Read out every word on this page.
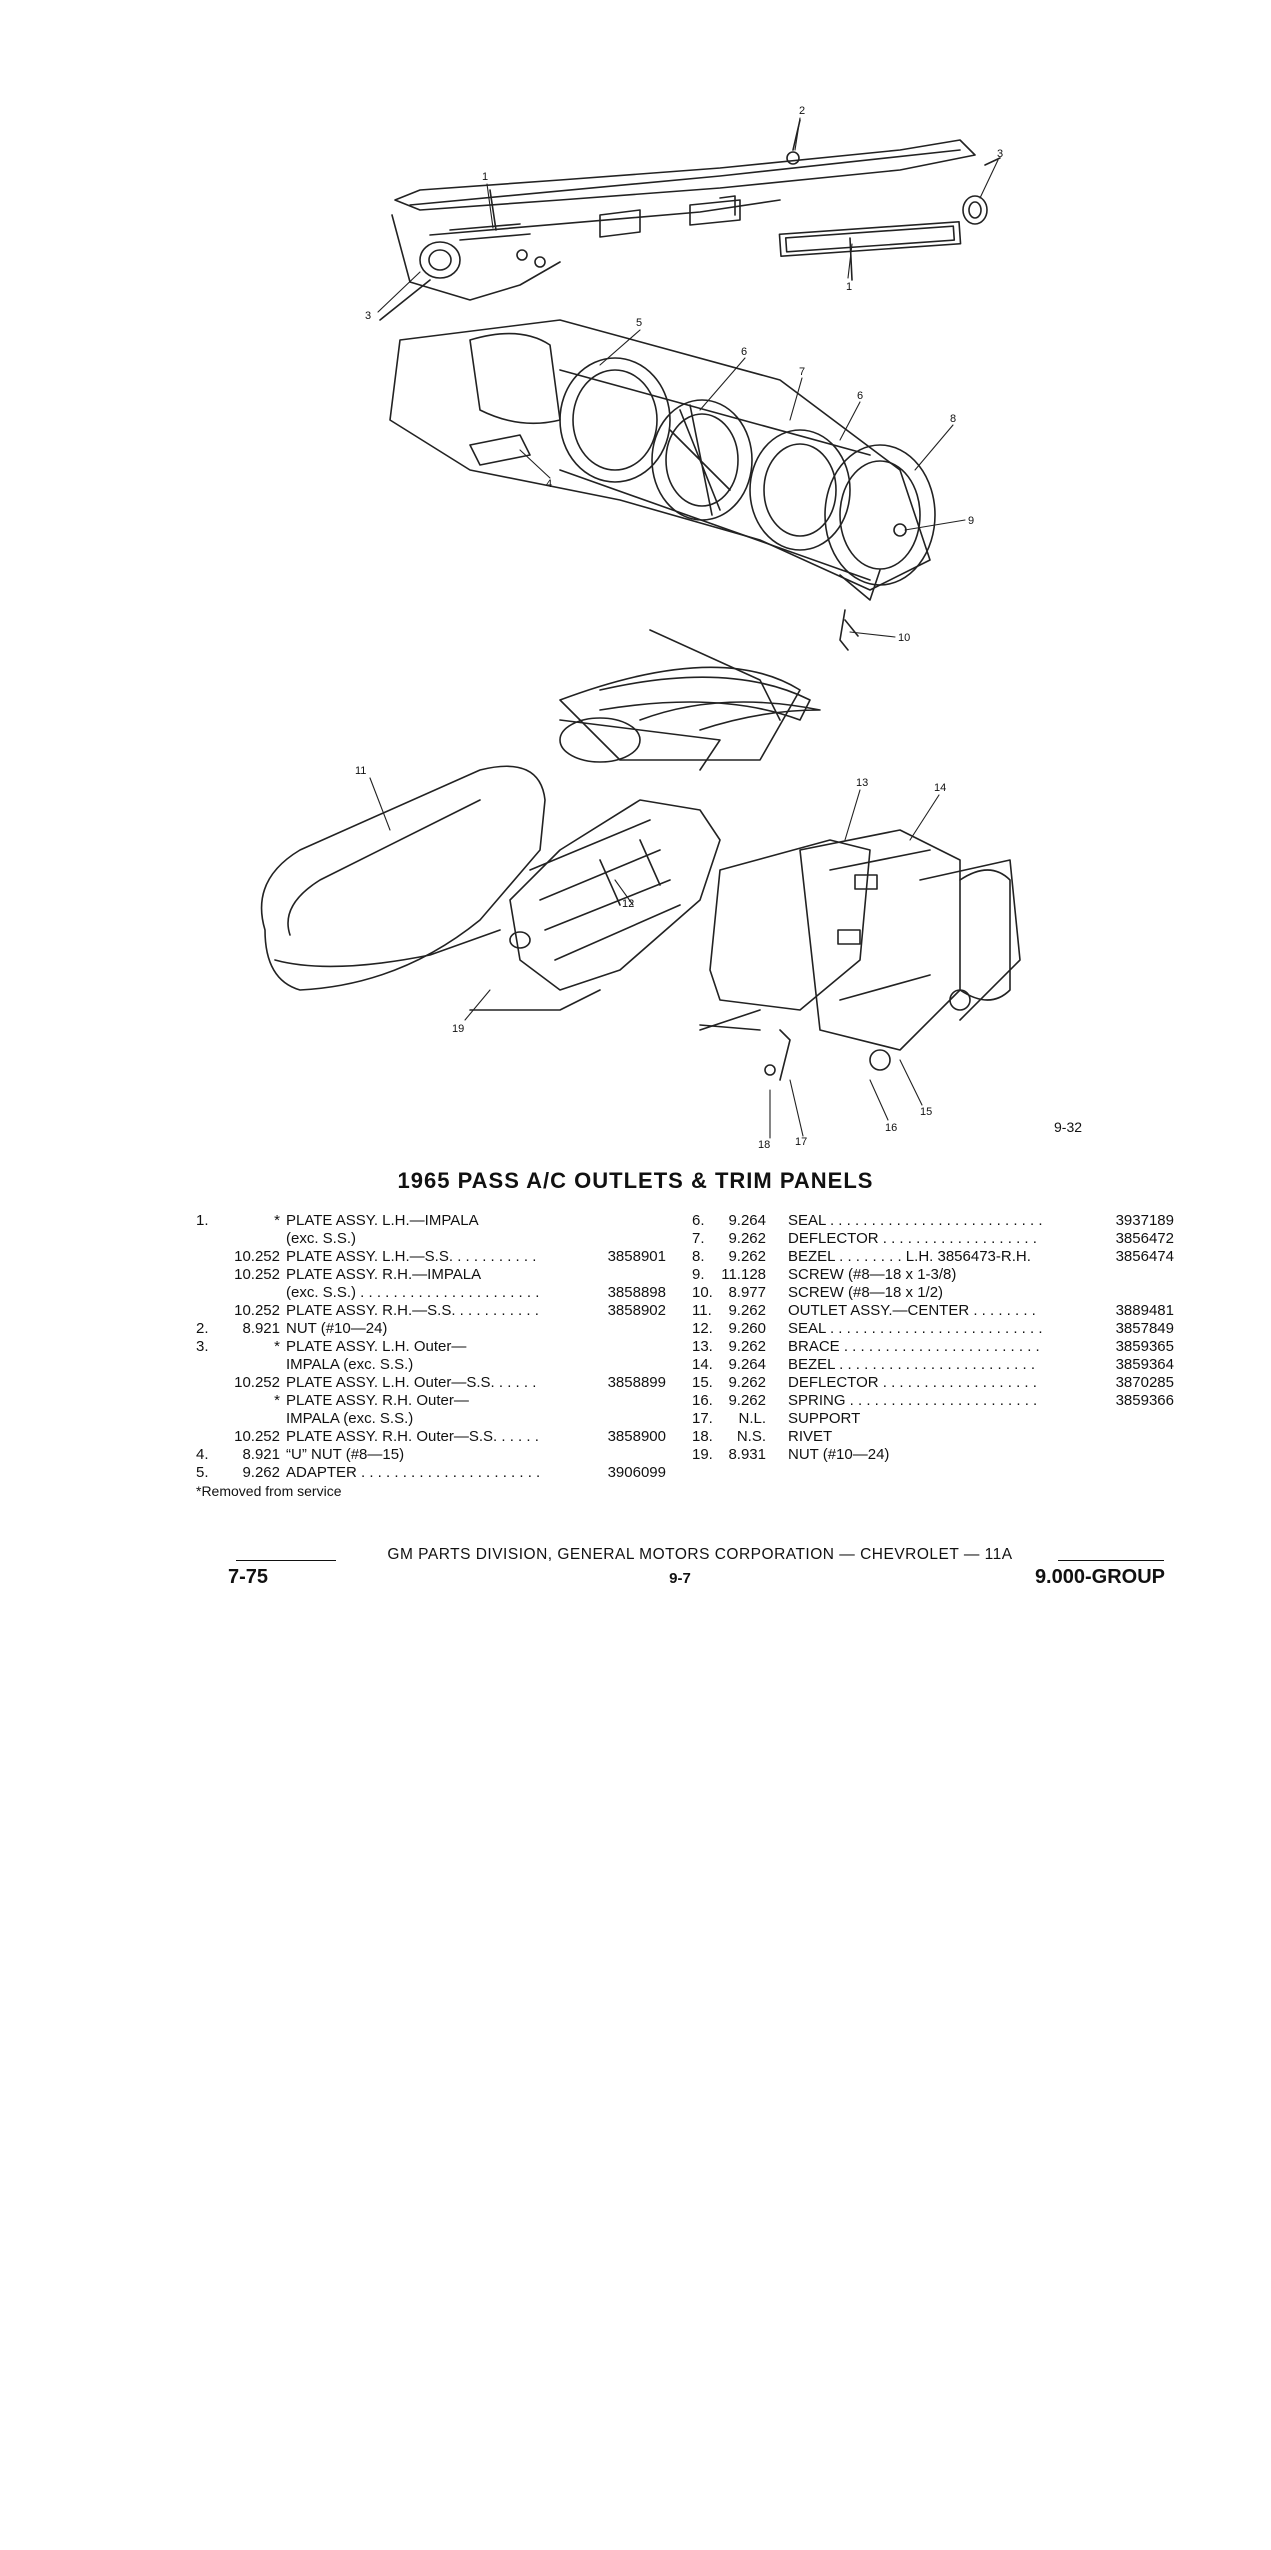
1
1
2
3
3
5
4
6
7
6
8
9
10
11
12
13	14
15
16
17
18
19
9-32
1965 PASS A/C OUTLETS & TRIM PANELS
1.	* PLATE ASSY. L.H.—IMPALA
(exc. S.S.)
10.252 PLATE ASSY. L.H.—S.S. . . . . . . . . . .	3858901
10.252 PLATE ASSY. R.H.—IMPALA
(exc. S.S.) . . . . . . . . . . . . . . . . . . . . . .	3858898
10.252 PLATE ASSY. R.H.—S.S. . . . . . . . . . .	3858902
2.	8.921 NUT (#10—24)
3.	* PLATE ASSY. L.H. Outer—
IMPALA (exc. S.S.)
10.252 PLATE ASSY. L.H. Outer—S.S. . . . . .	3858899
* PLATE ASSY. R.H. Outer—
IMPALA (exc. S.S.)
10.252 PLATE ASSY. R.H. Outer—S.S. . . . . .	3858900
4.	8.921 “U” NUT (#8—15)
5.	9.262 ADAPTER . . . . . . . . . . . . . . . . . . . . . .	3906099
*Removed from service
6.	9.264 SEAL . . . . . . . . . . . . . . . . . . . . . . . . . .	3937189
7.	9.262 DEFLECTOR . . . . . . . . . . . . . . . . . . .	3856472
8.	9.262 BEZEL . . . . . . . . L.H. 3856473-R.H.	3856474
9.	11.128 SCREW (#8—18 x 1-3/8)
10.	8.977 SCREW (#8—18 x 1/2)
11.	9.262 OUTLET ASSY.—CENTER . . . . . . . .	3889481
12.	9.260 SEAL . . . . . . . . . . . . . . . . . . . . . . . . . .	3857849
13.	9.262 BRACE . . . . . . . . . . . . . . . . . . . . . . . .	3859365
14.	9.264 BEZEL . . . . . . . . . . . . . . . . . . . . . . . .	3859364
15.	9.262 DEFLECTOR . . . . . . . . . . . . . . . . . . .	3870285
16.	9.262 SPRING . . . . . . . . . . . . . . . . . . . . . . .	3859366
17.	N.L. SUPPORT
18.	N.S. RIVET
19.	8.931 NUT (#10—24)
GM PARTS DIVISION, GENERAL MOTORS CORPORATION — CHEVROLET — 11A
7-75	9-7	9.000-GROUP
